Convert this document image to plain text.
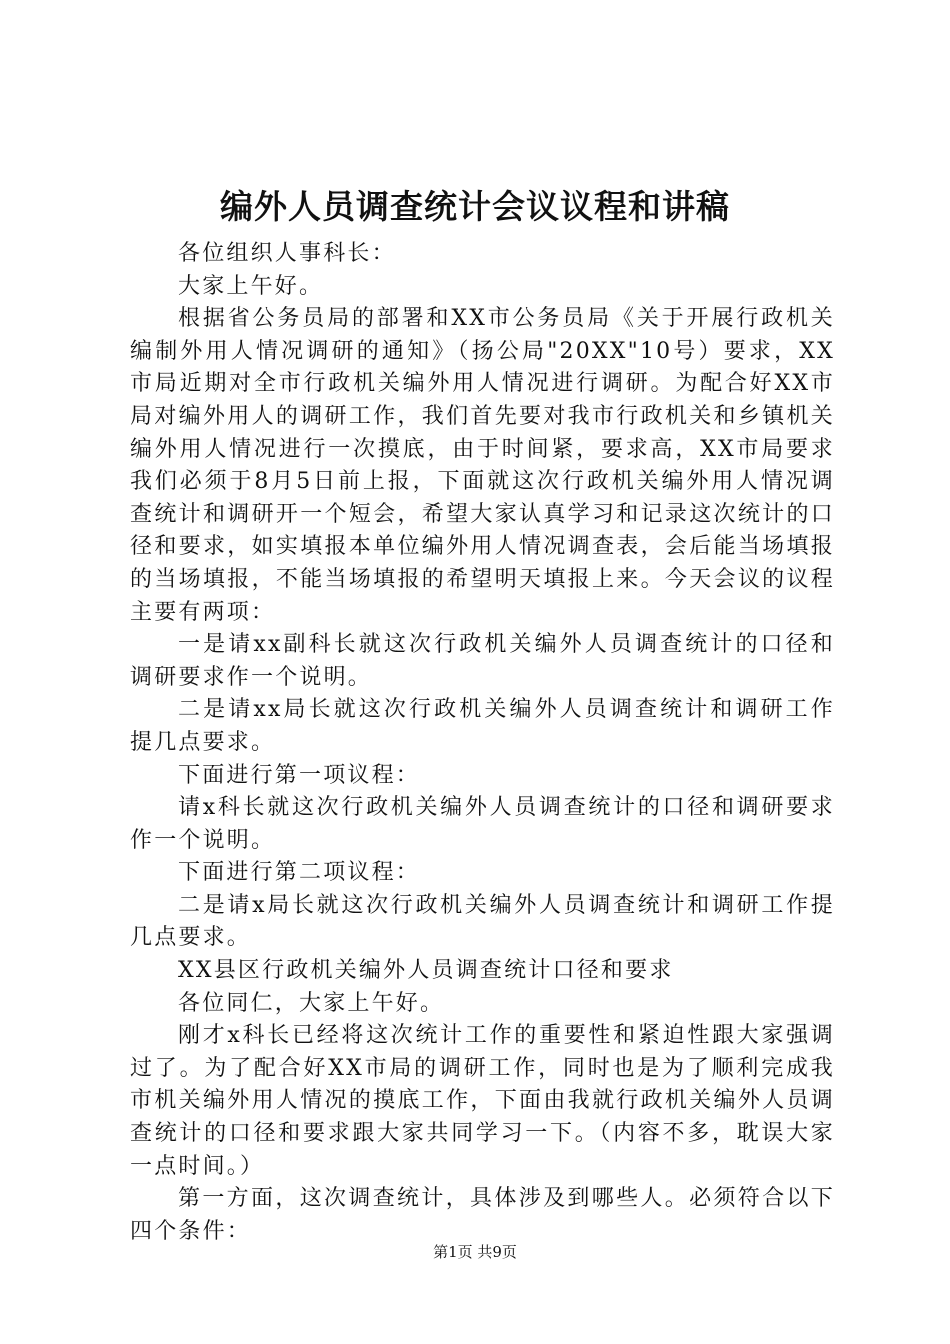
编外人员调查统计会议议程和讲稿

各位组织人事科长：

大家上午好。

根据省公务员局的部署和XX市公务员局《关于开展行政机关编制外用人情况调研的通知》（扬公局"20XX"10号）要求，XX市局近期对全市行政机关编外用人情况进行调研。为配合好XX市局对编外用人的调研工作，我们首先要对我市行政机关和乡镇机关编外用人情况进行一次摸底，由于时间紧，要求高，XX市局要求我们必须于8月5日前上报，下面就这次行政机关编外用人情况调查统计和调研开一个短会，希望大家认真学习和记录这次统计的口径和要求，如实填报本单位编外用人情况调查表，会后能当场填报的当场填报，不能当场填报的希望明天填报上来。今天会议的议程主要有两项：

一是请xx副科长就这次行政机关编外人员调查统计的口径和调研要求作一个说明。

二是请xx局长就这次行政机关编外人员调查统计和调研工作提几点要求。

下面进行第一项议程：

请x科长就这次行政机关编外人员调查统计的口径和调研要求作一个说明。

下面进行第二项议程：

二是请x局长就这次行政机关编外人员调查统计和调研工作提几点要求。

XX县区行政机关编外人员调查统计口径和要求

各位同仁，大家上午好。

刚才x科长已经将这次统计工作的重要性和紧迫性跟大家强调过了。为了配合好XX市局的调研工作，同时也是为了顺利完成我市机关编外用人情况的摸底工作，下面由我就行政机关编外人员调查统计的口径和要求跟大家共同学习一下。（内容不多，耽误大家一点时间。）

第一方面，这次调查统计，具体涉及到哪些人。必须符合以下四个条件：

第1页 共9页
